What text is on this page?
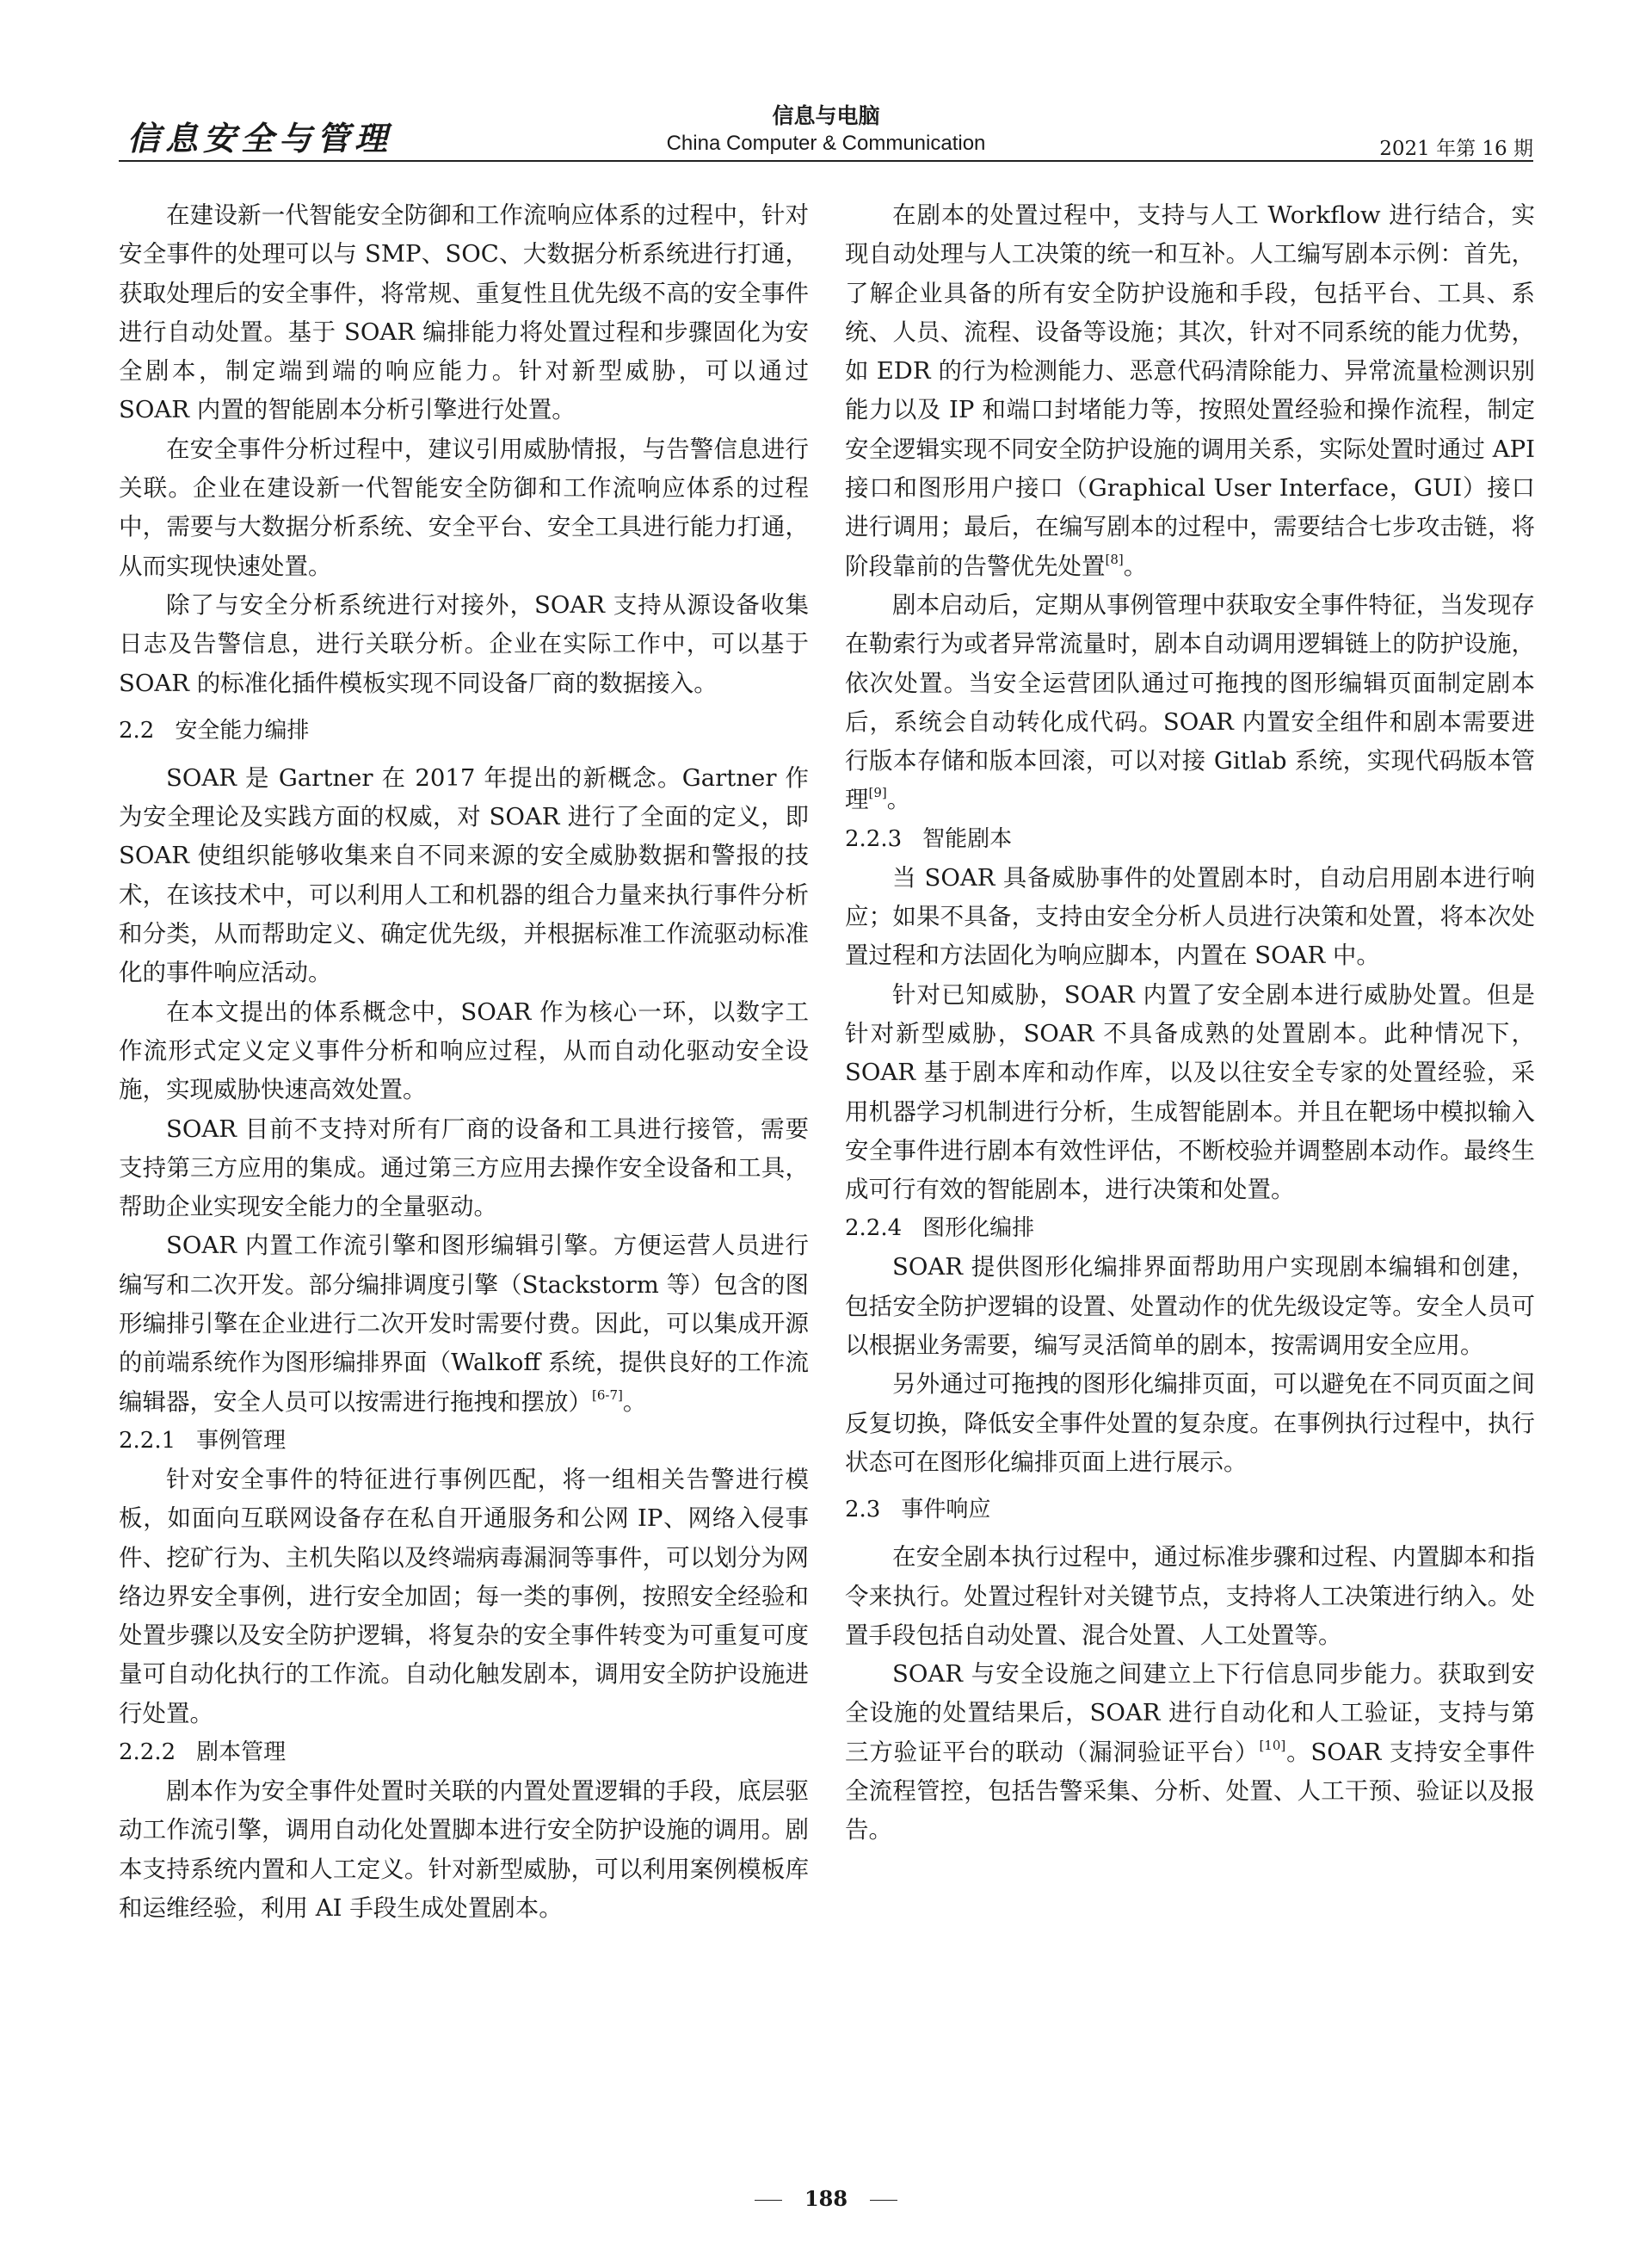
信息安全与管理
信息与电脑
China Computer & Communication	2021 年第 16 期

在建设新一代智能安全防御和工作流响应体系的过程中，针对安全事件的处理可以与 SMP、SOC、大数据分析系统进行打通，获取处理后的安全事件，将常规、重复性且优先级不高的安全事件进行自动处置。基于 SOAR 编排能力将处置过程和步骤固化为安全剧本，制定端到端的响应能力。针对新型威胁，可以通过 SOAR 内置的智能剧本分析引擎进行处置。

在安全事件分析过程中，建议引用威胁情报，与告警信息进行关联。企业在建设新一代智能安全防御和工作流响应体系的过程中，需要与大数据分析系统、安全平台、安全工具进行能力打通，从而实现快速处置。

除了与安全分析系统进行对接外，SOAR 支持从源设备收集日志及告警信息，进行关联分析。企业在实际工作中，可以基于 SOAR 的标准化插件模板实现不同设备厂商的数据接入。

2.2 安全能力编排

SOAR 是 Gartner 在 2017 年提出的新概念。Gartner 作为安全理论及实践方面的权威，对 SOAR 进行了全面的定义，即 SOAR 使组织能够收集来自不同来源的安全威胁数据和警报的技术，在该技术中，可以利用人工和机器的组合力量来执行事件分析和分类，从而帮助定义、确定优先级，并根据标准工作流驱动标准化的事件响应活动。

在本文提出的体系概念中，SOAR 作为核心一环，以数字工作流形式定义定义事件分析和响应过程，从而自动化驱动安全设施，实现威胁快速高效处置。

SOAR 目前不支持对所有厂商的设备和工具进行接管，需要支持第三方应用的集成。通过第三方应用去操作安全设备和工具，帮助企业实现安全能力的全量驱动。

SOAR 内置工作流引擎和图形编辑引擎。方便运营人员进行编写和二次开发。部分编排调度引擎（Stackstorm 等）包含的图形编排引擎在企业进行二次开发时需要付费。因此，可以集成开源的前端系统作为图形编排界面（Walkoff 系统，提供良好的工作流编辑器，安全人员可以按需进行拖拽和摆放）[6-7]。

2.2.1 事例管理

针对安全事件的特征进行事例匹配，将一组相关告警进行模板，如面向互联网设备存在私自开通服务和公网 IP、网络入侵事件、挖矿行为、主机失陷以及终端病毒漏洞等事件，可以划分为网络边界安全事例，进行安全加固；每一类的事例，按照安全经验和处置步骤以及安全防护逻辑，将复杂的安全事件转变为可重复可度量可自动化执行的工作流。自动化触发剧本，调用安全防护设施进行处置。

2.2.2 剧本管理

剧本作为安全事件处置时关联的内置处置逻辑的手段，底层驱动工作流引擎，调用自动化处置脚本进行安全防护设施的调用。剧本支持系统内置和人工定义。针对新型威胁，可以利用案例模板库和运维经验，利用 AI 手段生成处置剧本。

在剧本的处置过程中，支持与人工 Workflow 进行结合，实现自动处理与人工决策的统一和互补。人工编写剧本示例：首先，了解企业具备的所有安全防护设施和手段，包括平台、工具、系统、人员、流程、设备等设施；其次，针对不同系统的能力优势，如 EDR 的行为检测能力、恶意代码清除能力、异常流量检测识别能力以及 IP 和端口封堵能力等，按照处置经验和操作流程，制定安全逻辑实现不同安全防护设施的调用关系，实际处置时通过 API 接口和图形用户接口（Graphical User Interface，GUI）接口进行调用；最后，在编写剧本的过程中，需要结合七步攻击链，将阶段靠前的告警优先处置[8]。

剧本启动后，定期从事例管理中获取安全事件特征，当发现存在勒索行为或者异常流量时，剧本自动调用逻辑链上的防护设施，依次处置。当安全运营团队通过可拖拽的图形编辑页面制定剧本后，系统会自动转化成代码。SOAR 内置安全组件和剧本需要进行版本存储和版本回滚，可以对接 Gitlab 系统，实现代码版本管理[9]。

2.2.3 智能剧本

当 SOAR 具备威胁事件的处置剧本时，自动启用剧本进行响应；如果不具备，支持由安全分析人员进行决策和处置，将本次处置过程和方法固化为响应脚本，内置在 SOAR 中。

针对已知威胁，SOAR 内置了安全剧本进行威胁处置。但是针对新型威胁，SOAR 不具备成熟的处置剧本。此种情况下，SOAR 基于剧本库和动作库，以及以往安全专家的处置经验，采用机器学习机制进行分析，生成智能剧本。并且在靶场中模拟输入安全事件进行剧本有效性评估，不断校验并调整剧本动作。最终生成可行有效的智能剧本，进行决策和处置。

2.2.4 图形化编排

SOAR 提供图形化编排界面帮助用户实现剧本编辑和创建，包括安全防护逻辑的设置、处置动作的优先级设定等。安全人员可以根据业务需要，编写灵活简单的剧本，按需调用安全应用。

另外通过可拖拽的图形化编排页面，可以避免在不同页面之间反复切换，降低安全事件处置的复杂度。在事例执行过程中，执行状态可在图形化编排页面上进行展示。

2.3 事件响应

在安全剧本执行过程中，通过标准步骤和过程、内置脚本和指令来执行。处置过程针对关键节点，支持将人工决策进行纳入。处置手段包括自动处置、混合处置、人工处置等。

SOAR 与安全设施之间建立上下行信息同步能力。获取到安全设施的处置结果后，SOAR 进行自动化和人工验证，支持与第三方验证平台的联动（漏洞验证平台）[10]。SOAR 支持安全事件全流程管控，包括告警采集、分析、处置、人工干预、验证以及报告。

188
